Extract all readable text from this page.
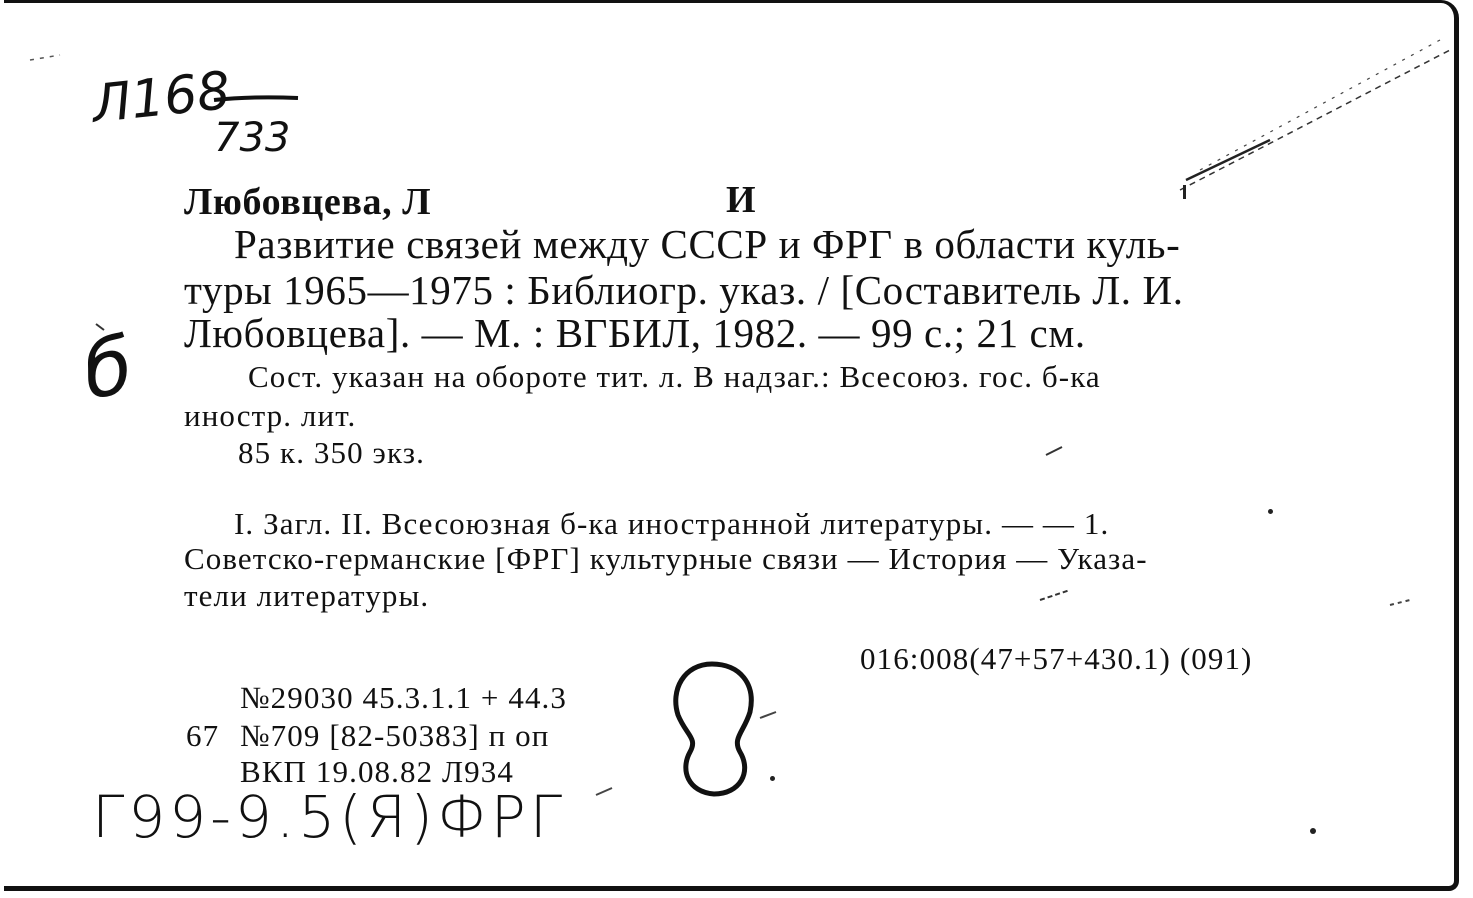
Л168
733
Любовцева, Л	И
Развитие связей между СССР и ФРГ в области куль-
туры 1965—1975 : Библиогр. указ. / [Составитель Л. И.
Любовцева]. — М. : ВГБИЛ, 1982. — 99 с.; 21 см.
Сост. указан на обороте тит. л. В надзаг.: Всесоюз. гос. б-ка
иностр. лит.
85 к. 350 экз.
I. Загл. II. Всесоюзная б-ка иностранной литературы. — — 1.
Советско-германские [ФРГ] культурные связи — История — Указа-
тели литературы.
016:008(47+57+430.1) (091)
№29030 45.3.1.1 + 44.3
67 №709 [82-50383] п оп
ВКП 19.08.82 Л934
б
Г99-9.5(Я)ФРГ
